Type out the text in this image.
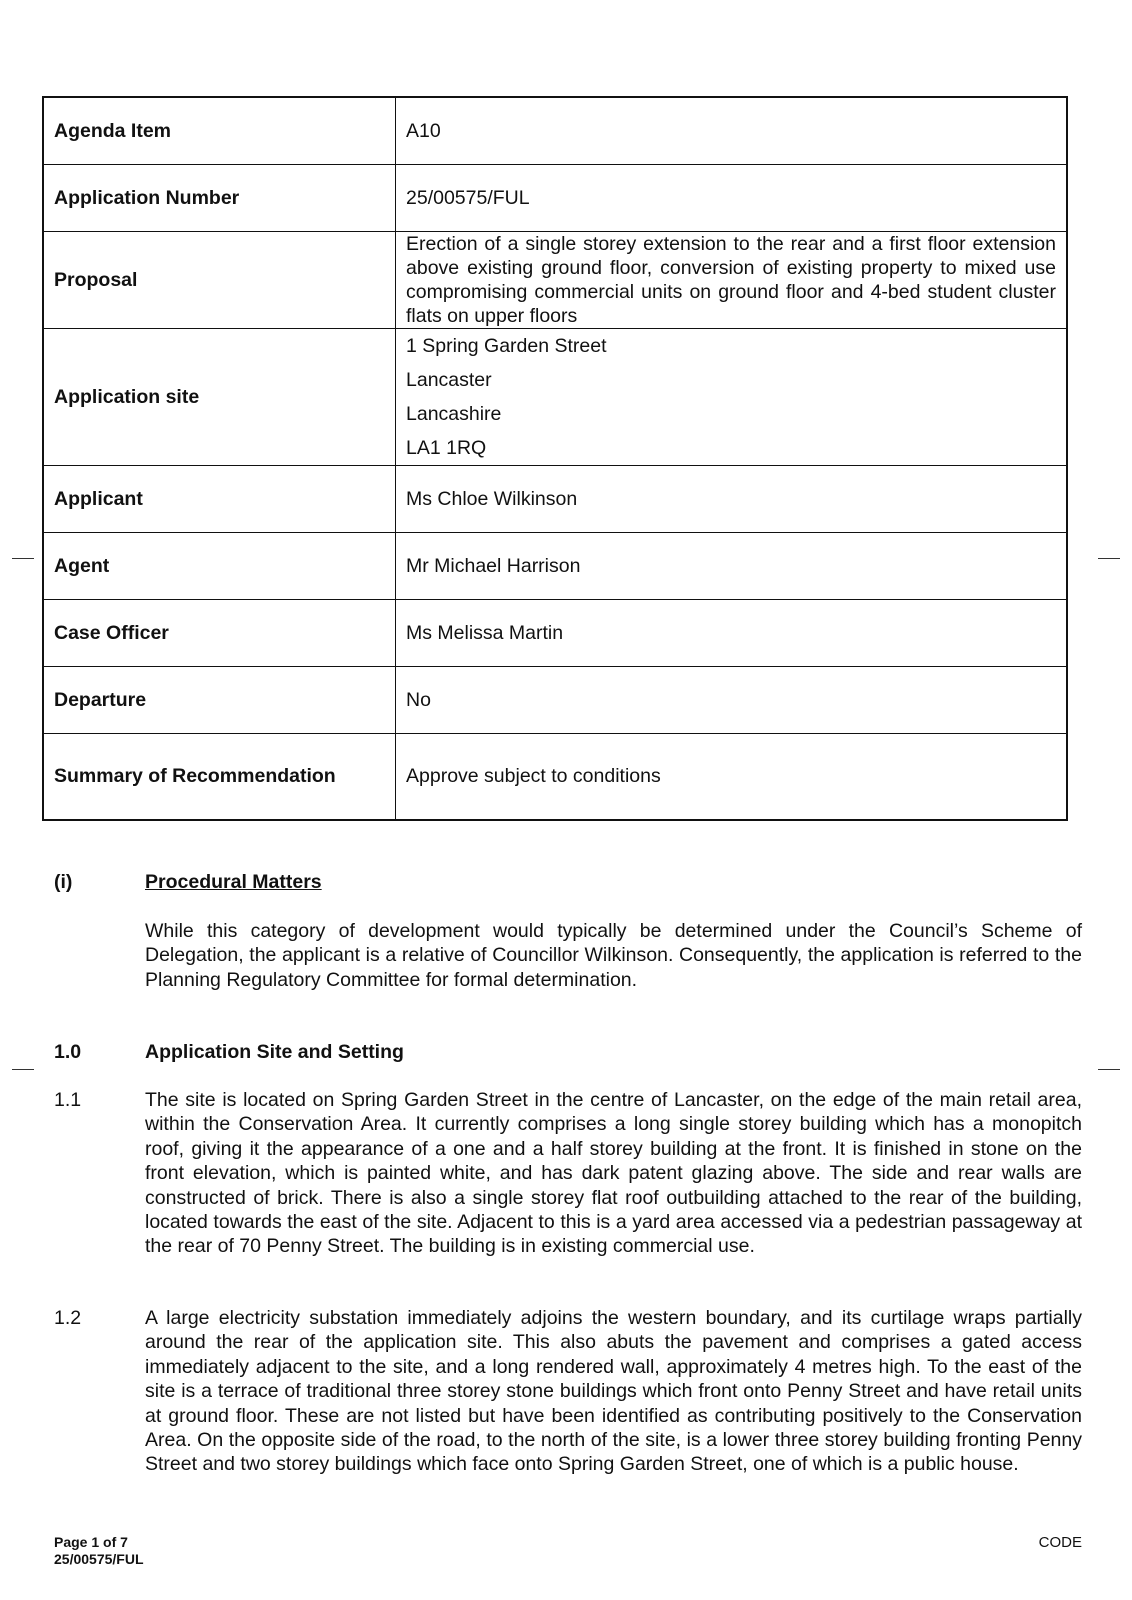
Agenda Item	A10
Application Number	25/00575/FUL
Proposal	Erection of a single storey extension to the rear and a first floor extension above existing ground floor, conversion of existing property to mixed use compromising commercial units on ground floor and 4-bed student cluster flats on upper floors
Application site	1 Spring Garden Street
Lancaster
Lancashire
LA1 1RQ

Applicant	Ms Chloe Wilkinson
Agent	Mr Michael Harrison
Case Officer	Ms Melissa Martin
Departure	No
Summary of Recommendation	Approve subject to conditions
(i)	Procedural Matters
While this category of development would typically be determined under the Council’s Scheme of Delegation, the applicant is a relative of Councillor Wilkinson. Consequently, the application is referred to the Planning Regulatory Committee for formal determination.
1.0	Application Site and Setting
1.1	The site is located on Spring Garden Street in the centre of Lancaster, on the edge of the main retail area, within the Conservation Area. It currently comprises a long single storey building which has a monopitch roof, giving it the appearance of a one and a half storey building at the front. It is finished in stone on the front elevation, which is painted white, and has dark patent glazing above. The side and rear walls are constructed of brick. There is also a single storey flat roof outbuilding attached to the rear of the building, located towards the east of the site. Adjacent to this is a yard area accessed via a pedestrian passageway at the rear of 70 Penny Street. The building is in existing commercial use.
1.2	A large electricity substation immediately adjoins the western boundary, and its curtilage wraps partially around the rear of the application site. This also abuts the pavement and comprises a gated access immediately adjacent to the site, and a long rendered wall, approximately 4 metres high. To the east of the site is a terrace of traditional three storey stone buildings which front onto Penny Street and have retail units at ground floor. These are not listed but have been identified as contributing positively to the Conservation Area. On the opposite side of the road, to the north of the site, is a lower three storey building fronting Penny Street and two storey buildings which face onto Spring Garden Street, one of which is a public house.
Page 1 of 7
25/00575/FUL
CODE
